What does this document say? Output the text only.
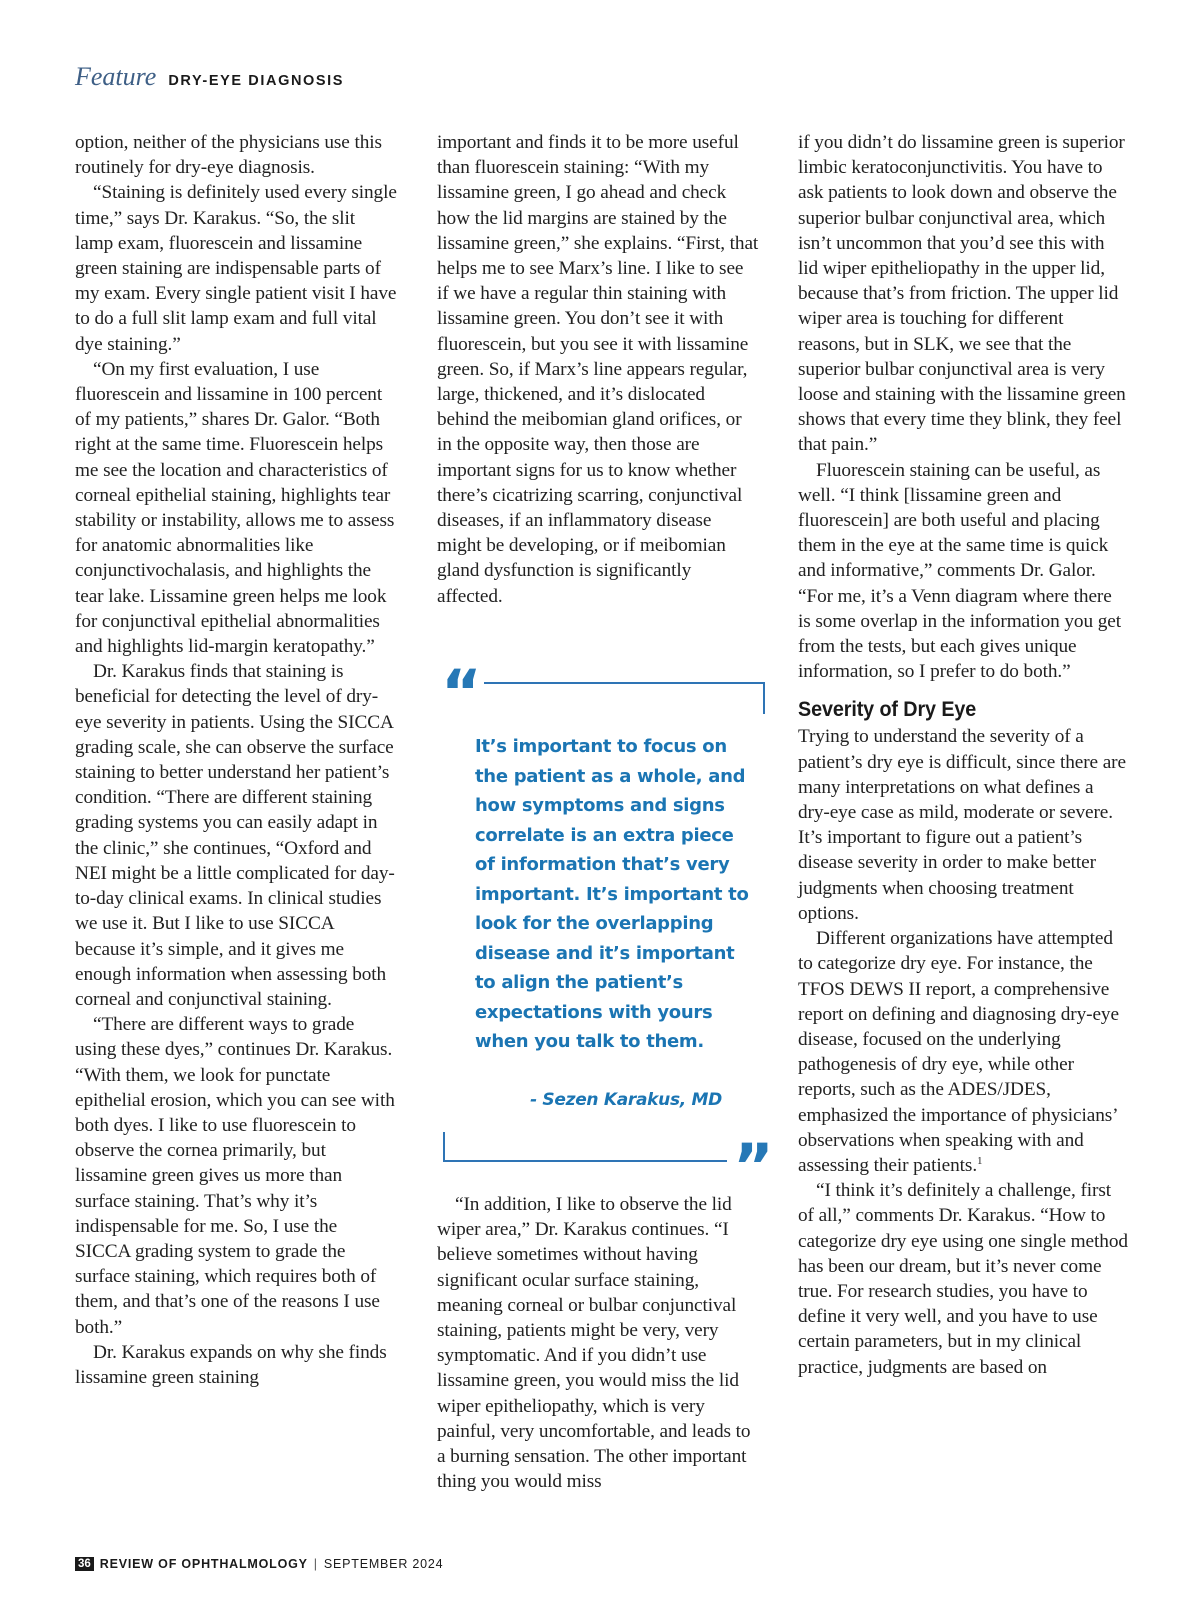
Feature DRY-EYE DIAGNOSIS

option, neither of the physicians use this routinely for dry-eye diagnosis.

“Staining is definitely used every single time,” says Dr. Karakus. “So, the slit lamp exam, fluorescein and lissamine green staining are indispensable parts of my exam. Every single patient visit I have to do a full slit lamp exam and full vital dye staining.”

“On my first evaluation, I use fluorescein and lissamine in 100 percent of my patients,” shares Dr. Galor. “Both right at the same time. Fluorescein helps me see the location and characteristics of corneal epithelial staining, highlights tear stability or instability, allows me to assess for anatomic abnormalities like conjunctivochalasis, and highlights the tear lake. Lissamine green helps me look for conjunctival epithelial abnormalities and highlights lid-margin keratopathy.”

Dr. Karakus finds that staining is beneficial for detecting the level of dry-eye severity in patients. Using the SICCA grading scale, she can observe the surface staining to better understand her patient’s condition. “There are different staining grading systems you can easily adapt in the clinic,” she continues, “Oxford and NEI might be a little complicated for day-to-day clinical exams. In clinical studies we use it. But I like to use SICCA because it’s simple, and it gives me enough information when assessing both corneal and conjunctival staining.

“There are different ways to grade using these dyes,” continues Dr. Karakus. “With them, we look for punctate epithelial erosion, which you can see with both dyes. I like to use fluorescein to observe the cornea primarily, but lissamine green gives us more than surface staining. That’s why it’s indispensable for me. So, I use the SICCA grading system to grade the surface staining, which requires both of them, and that’s one of the reasons I use both.”

Dr. Karakus expands on why she finds lissamine green staining

important and finds it to be more useful than fluorescein staining: “With my lissamine green, I go ahead and check how the lid margins are stained by the lissamine green,” she explains. “First, that helps me to see Marx’s line. I like to see if we have a regular thin staining with lissamine green. You don’t see it with fluorescein, but you see it with lissamine green. So, if Marx’s line appears regular, large, thickened, and it’s dislocated behind the meibomian gland orifices, or in the opposite way, then those are important signs for us to know whether there’s cicatrizing scarring, conjunctival diseases, if an inflammatory disease might be developing, or if meibomian gland dysfunction is significantly affected.

“
It’s important to focus on the patient as a whole, and how symptoms and signs correlate is an extra piece of information that’s very important. It’s important to look for the overlapping disease and it’s important to align the patient’s expectations with yours when you talk to them.
- Sezen Karakus, MD
”

“In addition, I like to observe the lid wiper area,” Dr. Karakus continues. “I believe sometimes without having significant ocular surface staining, meaning corneal or bulbar conjunctival staining, patients might be very, very symptomatic. And if you didn’t use lissamine green, you would miss the lid wiper epitheliopathy, which is very painful, very uncomfortable, and leads to a burning sensation. The other important thing you would miss

if you didn’t do lissamine green is superior limbic keratoconjunctivitis. You have to ask patients to look down and observe the superior bulbar conjunctival area, which isn’t uncommon that you’d see this with lid wiper epitheliopathy in the upper lid, because that’s from friction. The upper lid wiper area is touching for different reasons, but in SLK, we see that the superior bulbar conjunctival area is very loose and staining with the lissamine green shows that every time they blink, they feel that pain.”

Fluorescein staining can be useful, as well. “I think [lissamine green and fluorescein] are both useful and placing them in the eye at the same time is quick and informative,” comments Dr. Galor. “For me, it’s a Venn diagram where there is some overlap in the information you get from the tests, but each gives unique information, so I prefer to do both.”

Severity of Dry Eye

Trying to understand the severity of a patient’s dry eye is difficult, since there are many interpretations on what defines a dry-eye case as mild, moderate or severe. It’s important to figure out a patient’s disease severity in order to make better judgments when choosing treatment options.

Different organizations have attempted to categorize dry eye. For instance, the TFOS DEWS II report, a comprehensive report on defining and diagnosing dry-eye disease, focused on the underlying pathogenesis of dry eye, while other reports, such as the ADES/JDES, emphasized the importance of physicians’ observations when speaking with and assessing their patients.$^1$

“I think it’s definitely a challenge, first of all,” comments Dr. Karakus. “How to categorize dry eye using one single method has been our dream, but it’s never come true. For research studies, you have to define it very well, and you have to use certain parameters, but in my clinical practice, judgments are based on

36 REVIEW OF OPHTHALMOLOGY | SEPTEMBER 2024
